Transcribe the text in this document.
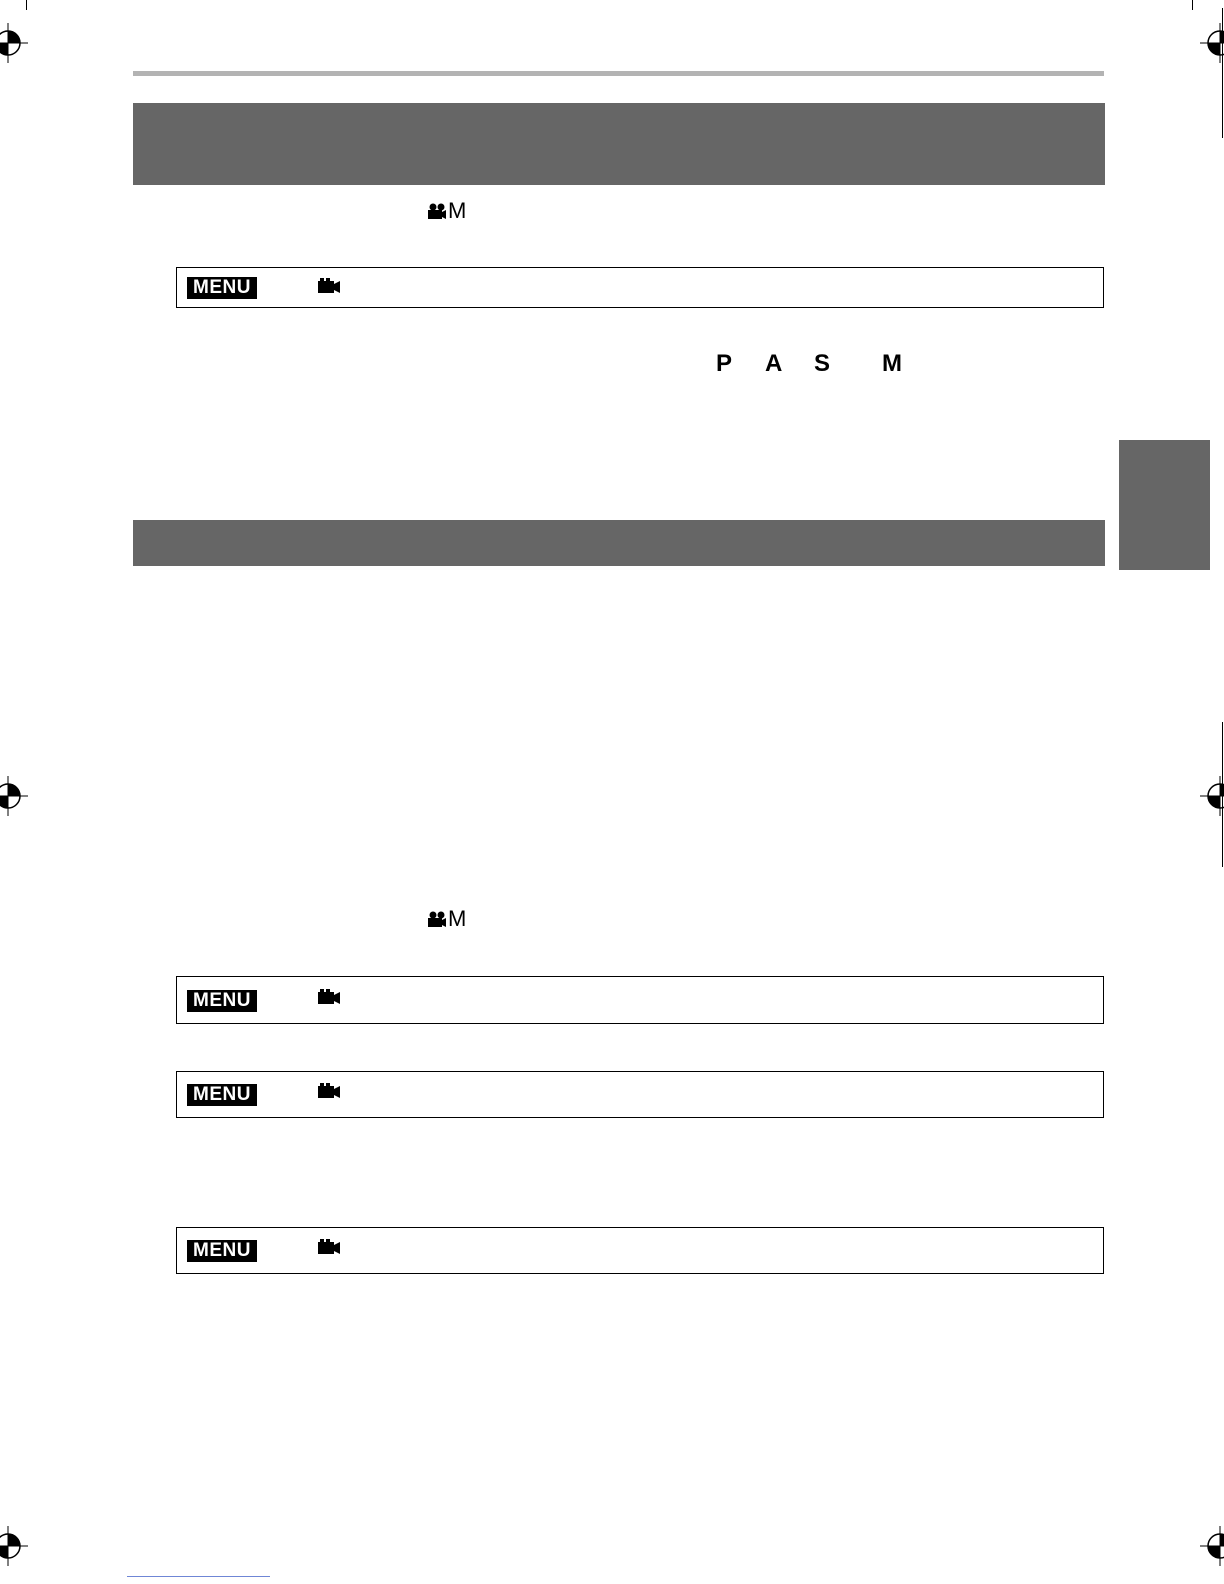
M
MENU
P A S M
M
MENU
MENU
MENU
